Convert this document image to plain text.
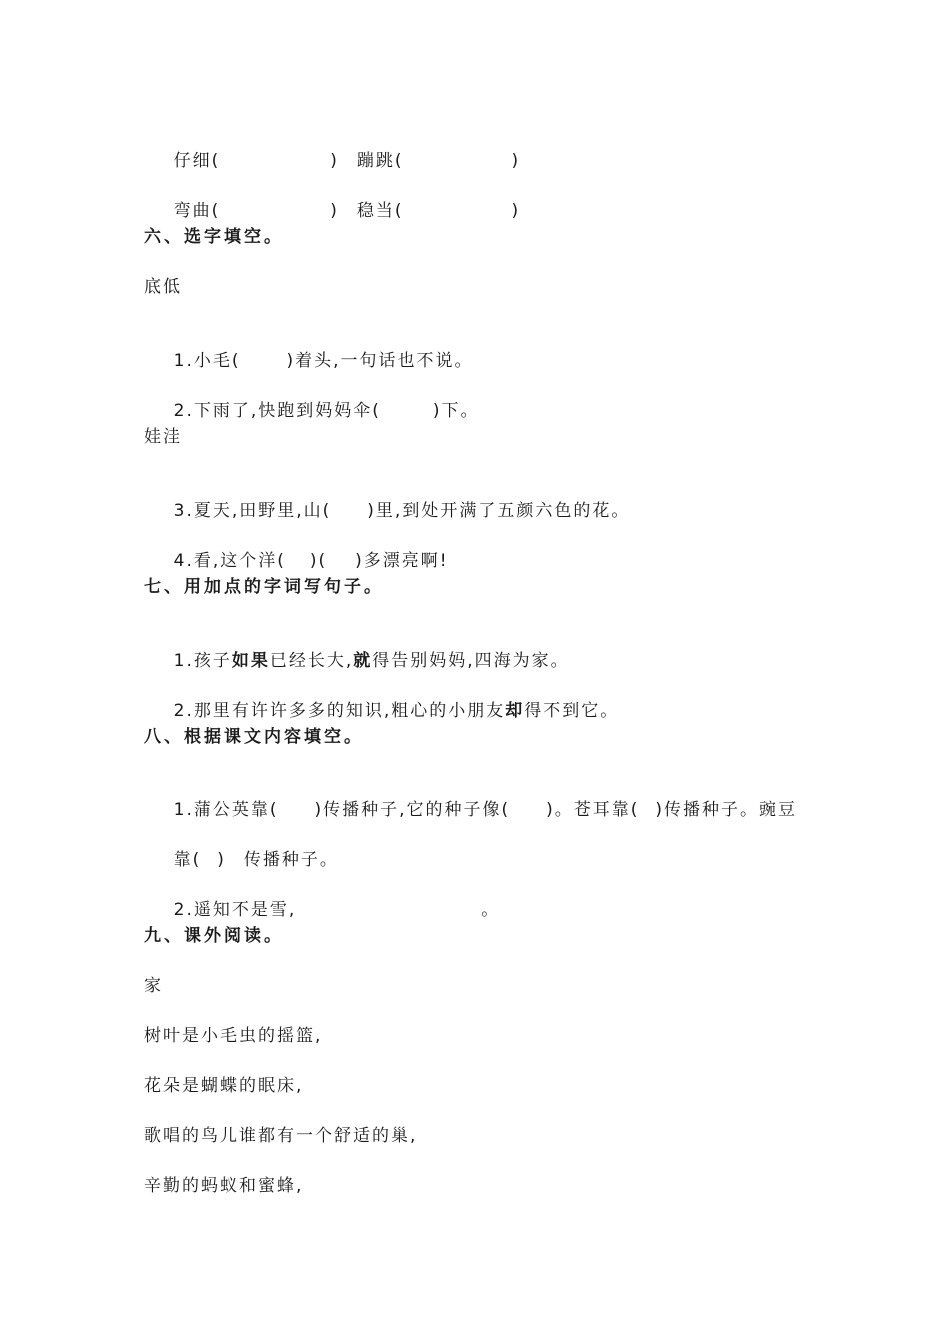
仔细(	) 蹦跳(	)

弯曲(	) 稳当(	)

六、选字填空。
底低

1.小毛(	)着头,一句话也不说。

2.下雨了,快跑到妈妈伞(	)下。

娃洼

3.夏天,田野里,山( )里,到处开满了五颜六色的花。

4.看,这个洋( )( )多漂亮啊!

七、用加点的字词写句子。

1.孩子如果已经长大,就得告别妈妈,四海为家。

2.那里有许许多多的知识,粗心的小朋友却得不到它。

八、根据课文内容填空。

1.蒲公英靠( )传播种子,它的种子像( )。苍耳靠( )传播种子。豌豆

靠( ) 传播种子。

2.遥知不是雪,	。

九、课外阅读。
家
树叶是小毛虫的摇篮,
花朵是蝴蝶的眠床,
歌唱的鸟儿谁都有一个舒适的巢,
辛勤的蚂蚁和蜜蜂,
